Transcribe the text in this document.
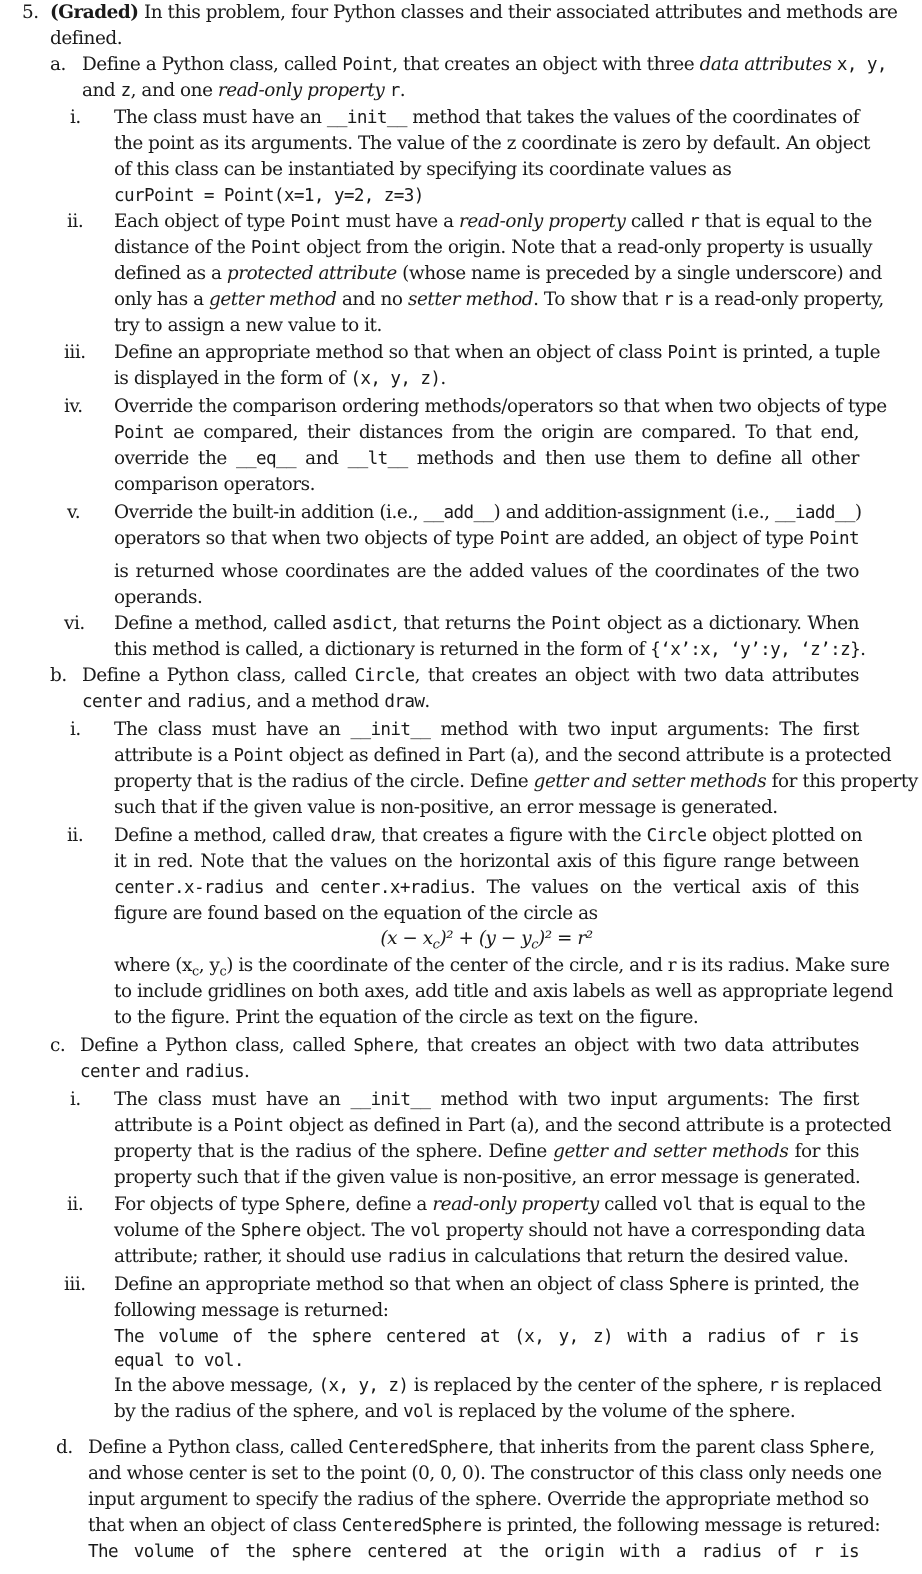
5. (Graded) In this problem, four Python classes and their associated attributes and methods are
defined.
a. Define a Python class, called Point, that creates an object with three data attributes x, y,
and z, and one read-only property r.
i. The class must have an __init__ method that takes the values of the coordinates of
the point as its arguments. The value of the z coordinate is zero by default. An object
of this class can be instantiated by specifying its coordinate values as
curPoint = Point(x=1, y=2, z=3)
ii. Each object of type Point must have a read-only property called r that is equal to the
distance of the Point object from the origin. Note that a read-only property is usually
defined as a protected attribute (whose name is preceded by a single underscore) and
only has a getter method and no setter method. To show that r is a read-only property,
try to assign a new value to it.
iii. Define an appropriate method so that when an object of class Point is printed, a tuple
is displayed in the form of (x, y, z).
iv. Override the comparison ordering methods/operators so that when two objects of type
Point ae compared, their distances from the origin are compared. To that end,
override the __eq__ and __lt__ methods and then use them to define all other
comparison operators.
v. Override the built-in addition (i.e., __add__) and addition-assignment (i.e., __iadd__)
operators so that when two objects of type Point are added, an object of type Point
is returned whose coordinates are the added values of the coordinates of the two
operands.
vi. Define a method, called asdict, that returns the Point object as a dictionary. When
this method is called, a dictionary is returned in the form of {‘x’:x, ‘y’:y, ‘z’:z}.
b. Define a Python class, called Circle, that creates an object with two data attributes
center and radius, and a method draw.
i. The class must have an __init__ method with two input arguments: The first
attribute is a Point object as defined in Part (a), and the second attribute is a protected
property that is the radius of the circle. Define getter and setter methods for this property
such that if the given value is non-positive, an error message is generated.
ii. Define a method, called draw, that creates a figure with the Circle object plotted on
it in red. Note that the values on the horizontal axis of this figure range between
center.x-radius and center.x+radius. The values on the vertical axis of this
figure are found based on the equation of the circle as
$(x - x_c)^2 + (y - y_c)^2 = r^2$
where ($x_c$, $y_c$) is the coordinate of the center of the circle, and r is its radius. Make sure
to include gridlines on both axes, add title and axis labels as well as appropriate legend
to the figure. Print the equation of the circle as text on the figure.
c. Define a Python class, called Sphere, that creates an object with two data attributes
center and radius.
i. The class must have an __init__ method with two input arguments: The first
attribute is a Point object as defined in Part (a), and the second attribute is a protected
property that is the radius of the sphere. Define getter and setter methods for this
property such that if the given value is non-positive, an error message is generated.
ii. For objects of type Sphere, define a read-only property called vol that is equal to the
volume of the Sphere object. The vol property should not have a corresponding data
attribute; rather, it should use radius in calculations that return the desired value.
iii. Define an appropriate method so that when an object of class Sphere is printed, the
following message is returned:
The volume of the sphere centered at (x, y, z) with a radius of r is
equal to vol.
In the above message, (x, y, z) is replaced by the center of the sphere, r is replaced
by the radius of the sphere, and vol is replaced by the volume of the sphere.
d. Define a Python class, called CenteredSphere, that inherits from the parent class Sphere,
and whose center is set to the point (0, 0, 0). The constructor of this class only needs one
input argument to specify the radius of the sphere. Override the appropriate method so
that when an object of class CenteredSphere is printed, the following message is retured:
The volume of the sphere centered at the origin with a radius of r is
